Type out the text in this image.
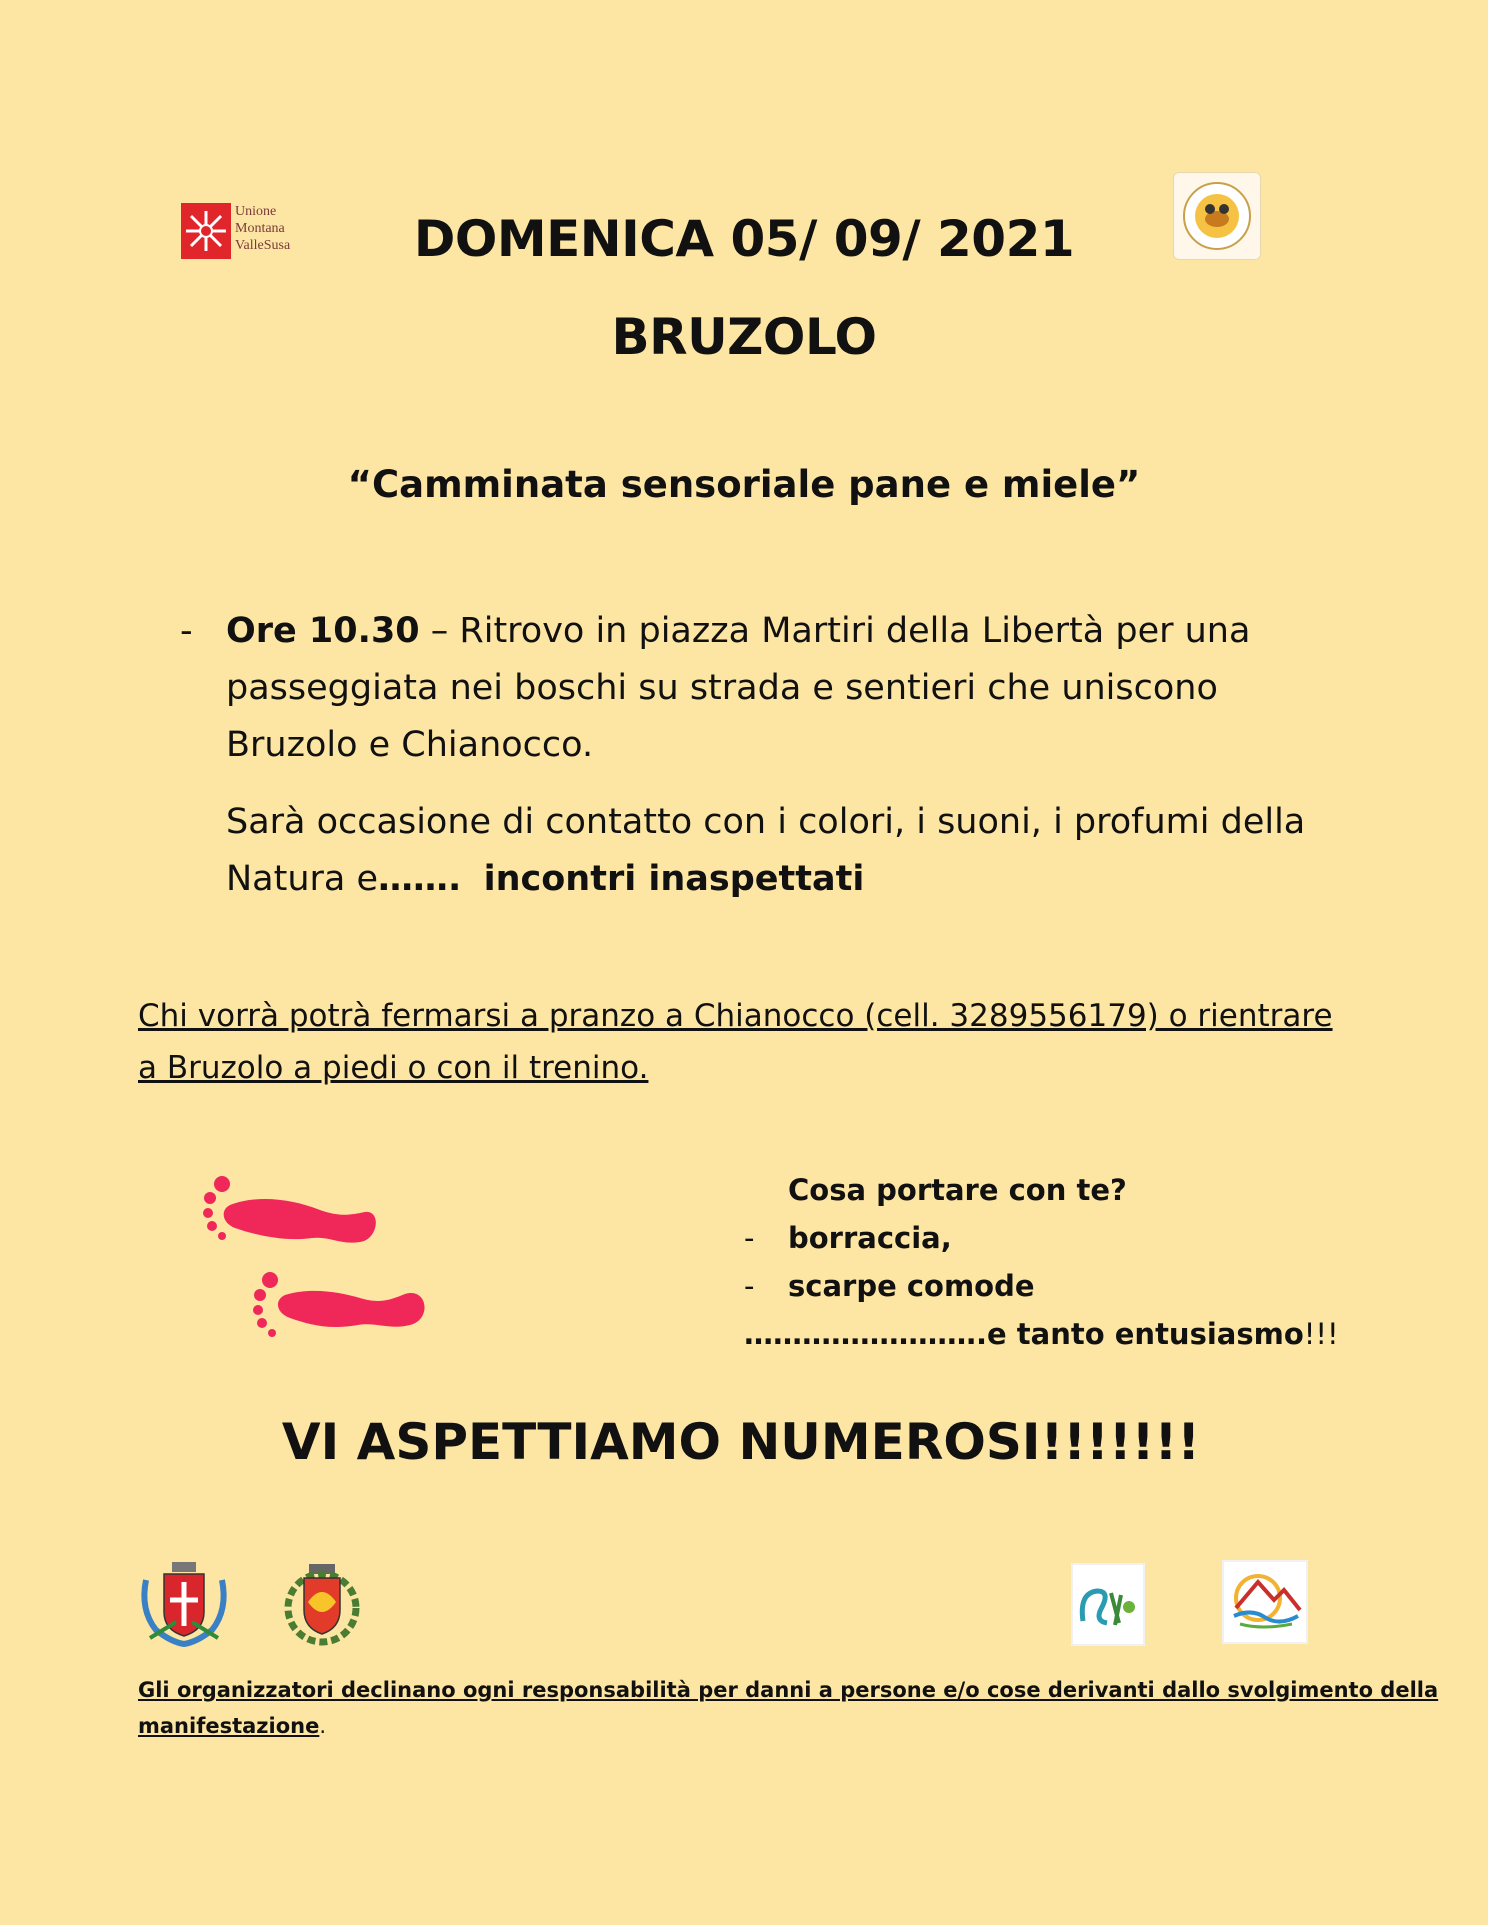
Unione
Montana
ValleSusa	DOMENICA 05/ 09/ 2021
BRUZOLO
“Camminata sensoriale pane e miele”
- Ore 10.30 – Ritrovo in piazza Martiri della Libertà per una
passeggiata nei boschi su strada e sentieri che uniscono
Bruzolo e Chianocco.
Sarà occasione di contatto con i colori, i suoni, i profumi della
Natura e……. incontri inaspettati
Chi vorrà potrà fermarsi a pranzo a Chianocco (cell. 3289556179) o rientrare
a Bruzolo a piedi o con il trenino.
Cosa portare con te?
- borraccia,
- scarpe comode
…………………….e tanto entusiasmo!!!
VI ASPETTIAMO NUMEROSI!!!!!!!
Gli organizzatori declinano ogni responsabilità per danni a persone e/o cose derivanti dallo svolgimento della
manifestazione.
